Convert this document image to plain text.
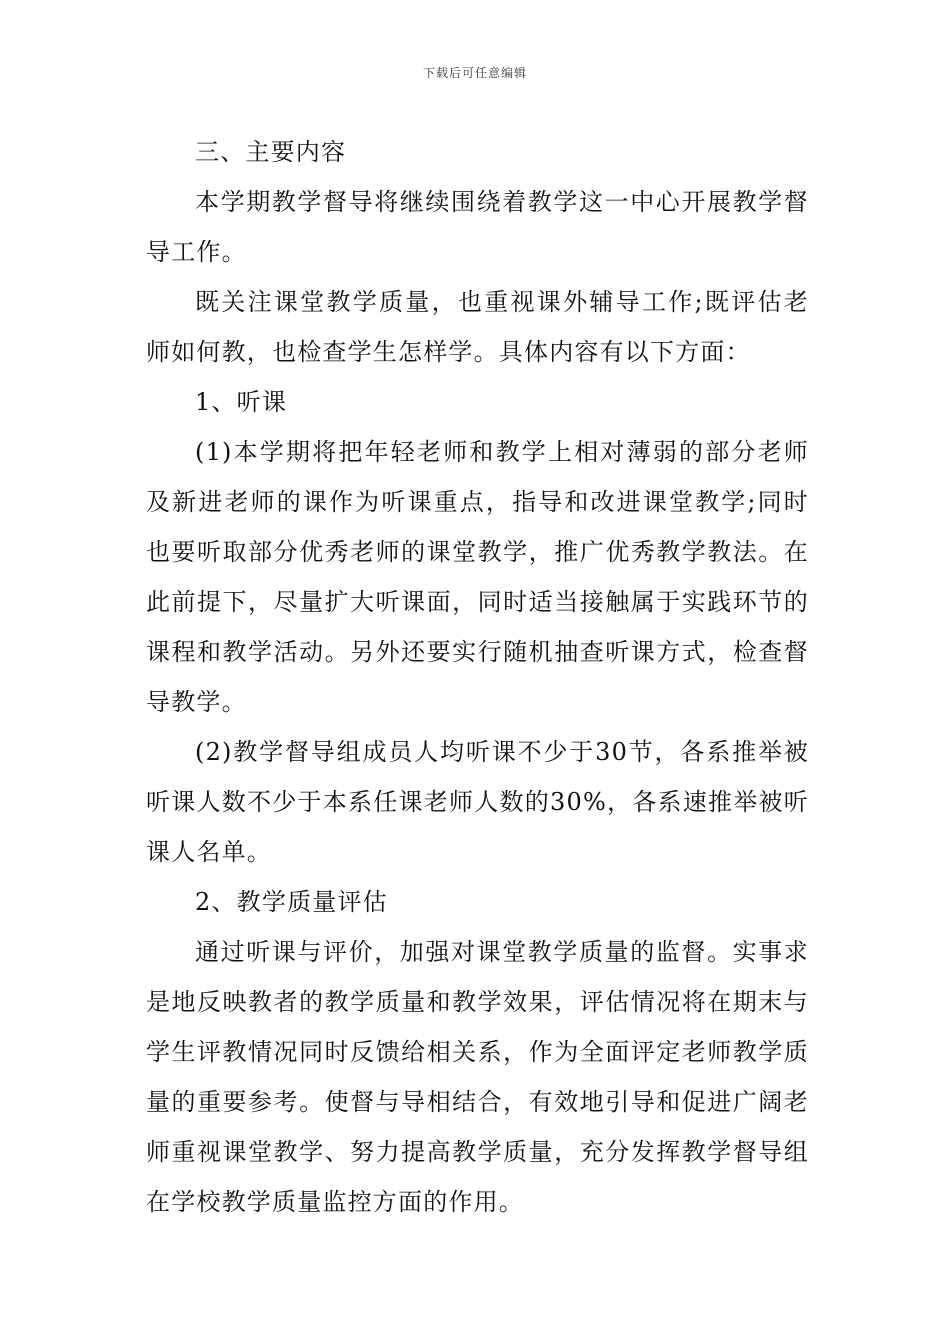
下载后可任意编辑

三、主要内容

本学期教学督导将继续围绕着教学这一中心开展教学督导工作。

既关注课堂教学质量，也重视课外辅导工作;既评估老师如何教，也检查学生怎样学。具体内容有以下方面：

1、听课

(1)本学期将把年轻老师和教学上相对薄弱的部分老师及新进老师的课作为听课重点，指导和改进课堂教学;同时也要听取部分优秀老师的课堂教学，推广优秀教学教法。在此前提下，尽量扩大听课面，同时适当接触属于实践环节的课程和教学活动。另外还要实行随机抽查听课方式，检查督导教学。

(2)教学督导组成员人均听课不少于30节，各系推举被听课人数不少于本系任课老师人数的30%，各系速推举被听课人名单。

2、教学质量评估

通过听课与评价，加强对课堂教学质量的监督。实事求是地反映教者的教学质量和教学效果，评估情况将在期末与学生评教情况同时反馈给相关系，作为全面评定老师教学质量的重要参考。使督与导相结合，有效地引导和促进广阔老师重视课堂教学、努力提高教学质量，充分发挥教学督导组在学校教学质量监控方面的作用。
